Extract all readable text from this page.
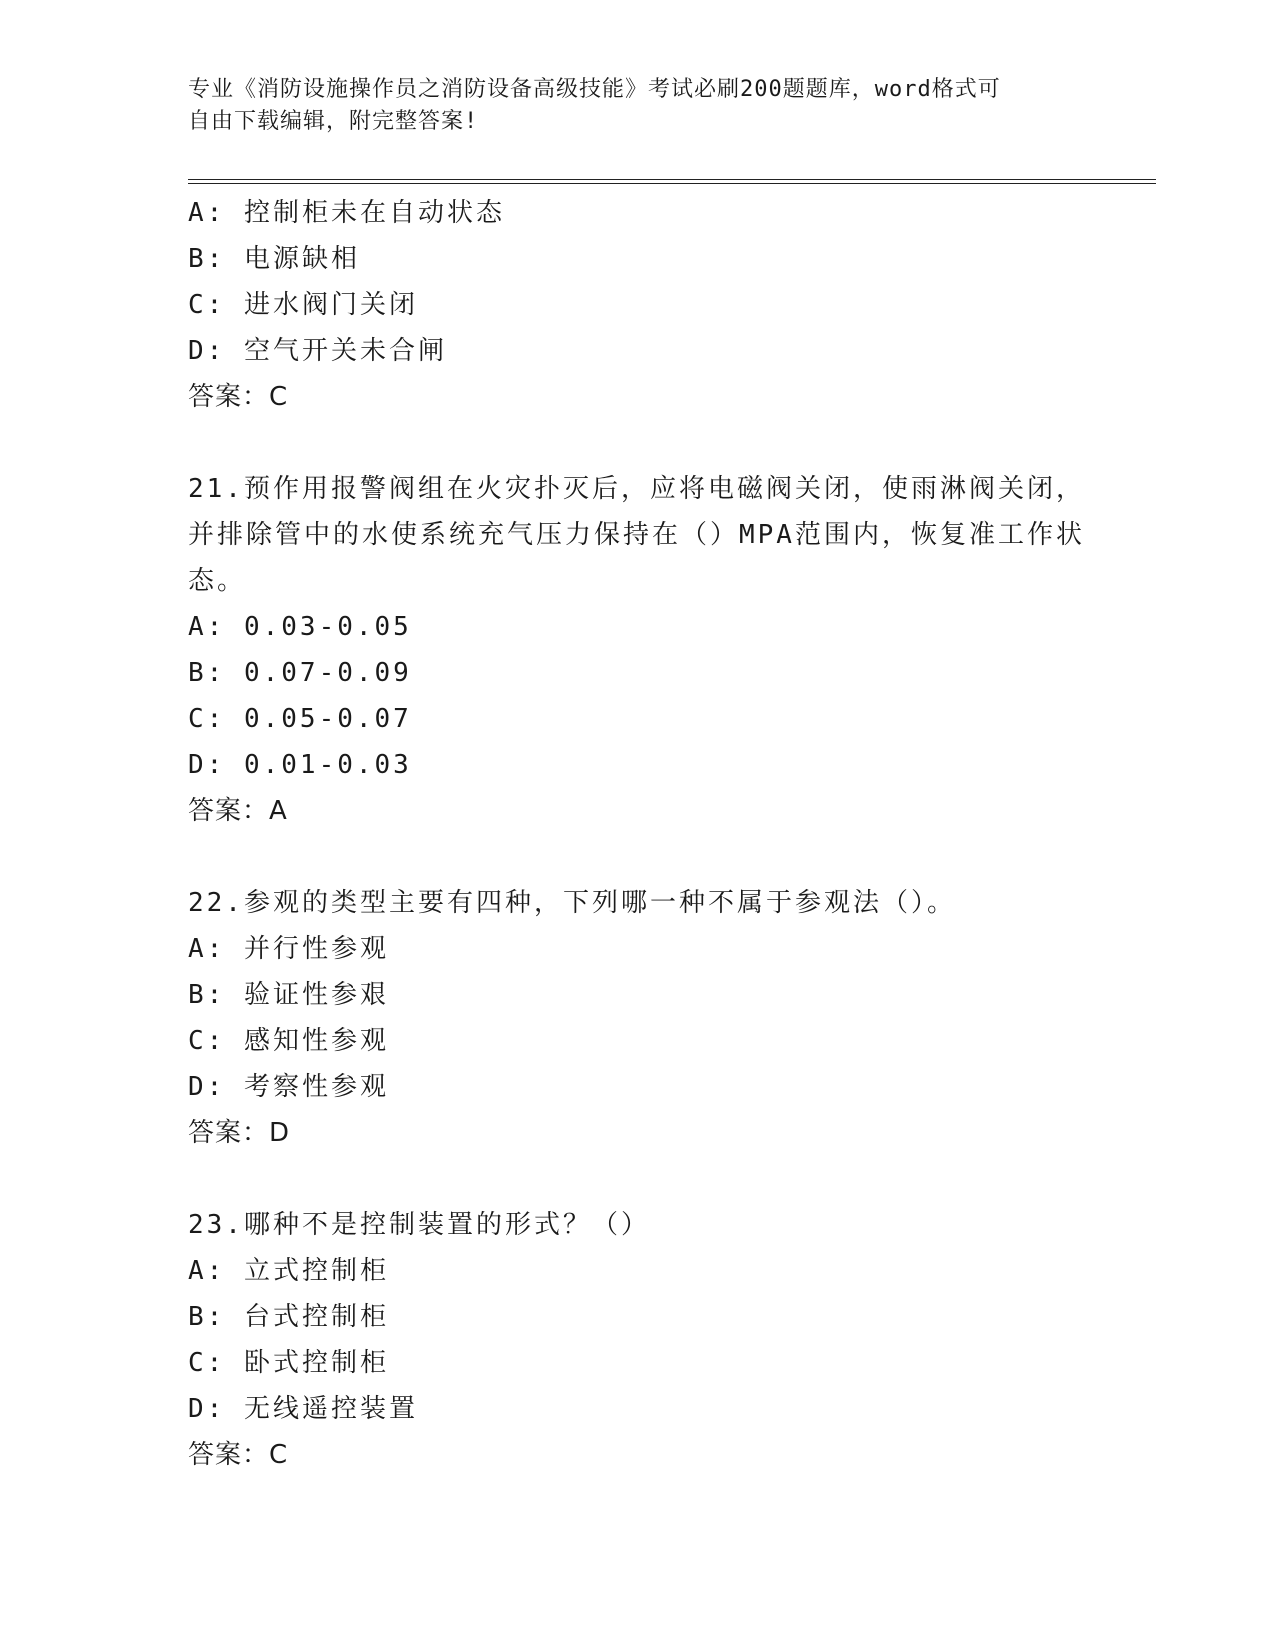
专业《消防设施操作员之消防设备高级技能》考试必刷200题题库，word格式可
自由下载编辑，附完整答案!
A: 控制柜未在自动状态
B: 电源缺相
C: 进水阀门关闭
D: 空气开关未合闸
答案：C
21.预作用报警阀组在火灾扑灭后，应将电磁阀关闭，使雨淋阀关闭，
并排除管中的水使系统充气压力保持在（）MPA范围内，恢复准工作状
态。
A: 0.03-0.05
B: 0.07-0.09
C: 0.05-0.07
D: 0.01-0.03
答案：A
22.参观的类型主要有四种，下列哪一种不属于参观法（）。
A: 并行性参观
B: 验证性参艰
C: 感知性参观
D: 考察性参观
答案：D
23.哪种不是控制装置的形式？（）
A: 立式控制柜
B: 台式控制柜
C: 卧式控制柜
D: 无线遥控装置
答案：C
